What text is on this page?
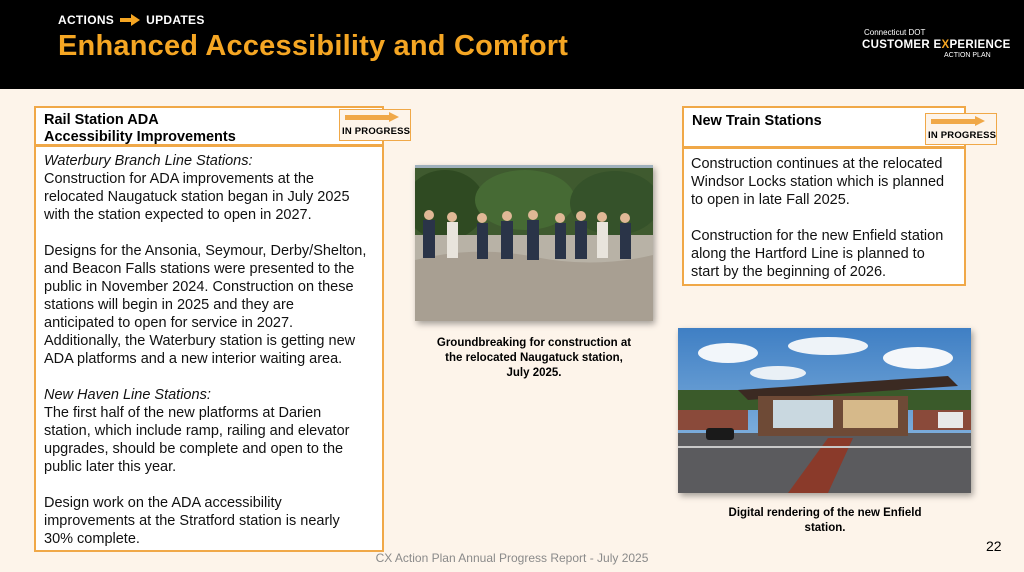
ACTIONS	UPDATES
Enhanced Accessibility and Comfort	Connecticut DOT
CUSTOMER EXPERIENCE
ACTION PLAN
Rail Station ADA
Accessibility Improvements	IN PROGRESS

Waterbury Branch Line Stations:

Construction for ADA improvements at the

relocated Naugatuck station began in July 2025

with the station expected to open in 2027.

Designs for the Ansonia, Seymour, Derby/Shelton,

and Beacon Falls stations were presented to the

public in November 2024. Construction on these

stations will begin in 2025 and they are

anticipated to open for service in 2027.

Additionally, the Waterbury station is getting new

ADA platforms and a new interior waiting area.

New Haven Line Stations:

The first half of the new platforms at Darien

station, which include ramp, railing and elevator

upgrades, should be complete and open to the

public later this year.

Design work on the ADA accessibility

improvements at the Stratford station is nearly

30% complete.

Groundbreaking for construction at
the relocated Naugatuck station,
July 2025.
New Train Stations
IN PROGRESS

Construction continues at the relocated

Windsor Locks station which is planned

to open in late Fall 2025.

Construction for the new Enfield station

along the Hartford Line is planned to

start by the beginning of 2026.

Digital rendering of the new Enfield
station.
CX Action Plan Annual Progress Report - July 2025
22
